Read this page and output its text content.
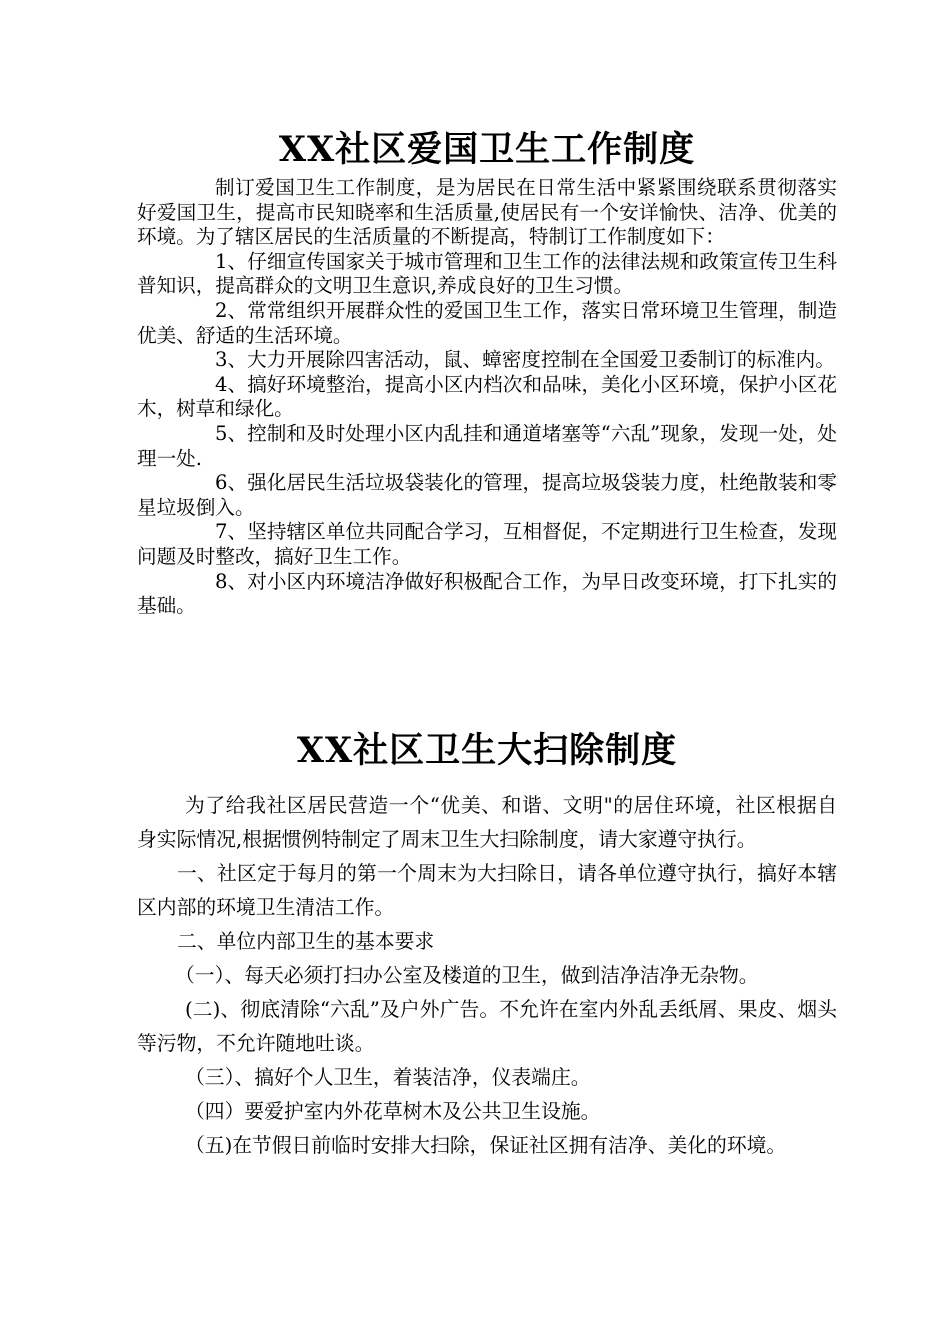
XX社区爱国卫生工作制度

制订爱国卫生工作制度，是为居民在日常生活中紧紧围绕联系贯彻落实好爱国卫生，提高市民知晓率和生活质量,使居民有一个安详愉快、洁净、优美的环境。为了辖区居民的生活质量的不断提高，特制订工作制度如下：

1、仔细宣传国家关于城市管理和卫生工作的法律法规和政策宣传卫生科普知识，提高群众的文明卫生意识,养成良好的卫生习惯。

2、常常组织开展群众性的爱国卫生工作，落实日常环境卫生管理，制造优美、舒适的生活环境。

3、大力开展除四害活动，鼠、蟑密度控制在全国爱卫委制订的标准内。

4、搞好环境整治，提高小区内档次和品味，美化小区环境，保护小区花木，树草和绿化。

5、控制和及时处理小区内乱挂和通道堵塞等“六乱”现象，发现一处，处理一处.

6、强化居民生活垃圾袋装化的管理，提高垃圾袋装力度，杜绝散装和零星垃圾倒入。

7、坚持辖区单位共同配合学习，互相督促，不定期进行卫生检查，发现问题及时整改，搞好卫生工作。

8、对小区内环境洁净做好积极配合工作，为早日改变环境，打下扎实的基础。

XX社区卫生大扫除制度

为了给我社区居民营造一个“优美、和谐、文明"的居住环境，社区根据自身实际情况,根据惯例特制定了周末卫生大扫除制度，请大家遵守执行。

一、社区定于每月的第一个周末为大扫除日，请各单位遵守执行，搞好本辖区内部的环境卫生清洁工作。

二、单位内部卫生的基本要求

（一）、每天必须打扫办公室及楼道的卫生，做到洁净洁净无杂物。

(二)、彻底清除“六乱”及户外广告。不允许在室内外乱丢纸屑、果皮、烟头等污物，不允许随地吐谈。

（三）、搞好个人卫生，着装洁净，仪表端庄。

（四）要爱护室内外花草树木及公共卫生设施。

（五)在节假日前临时安排大扫除，保证社区拥有洁净、美化的环境。
